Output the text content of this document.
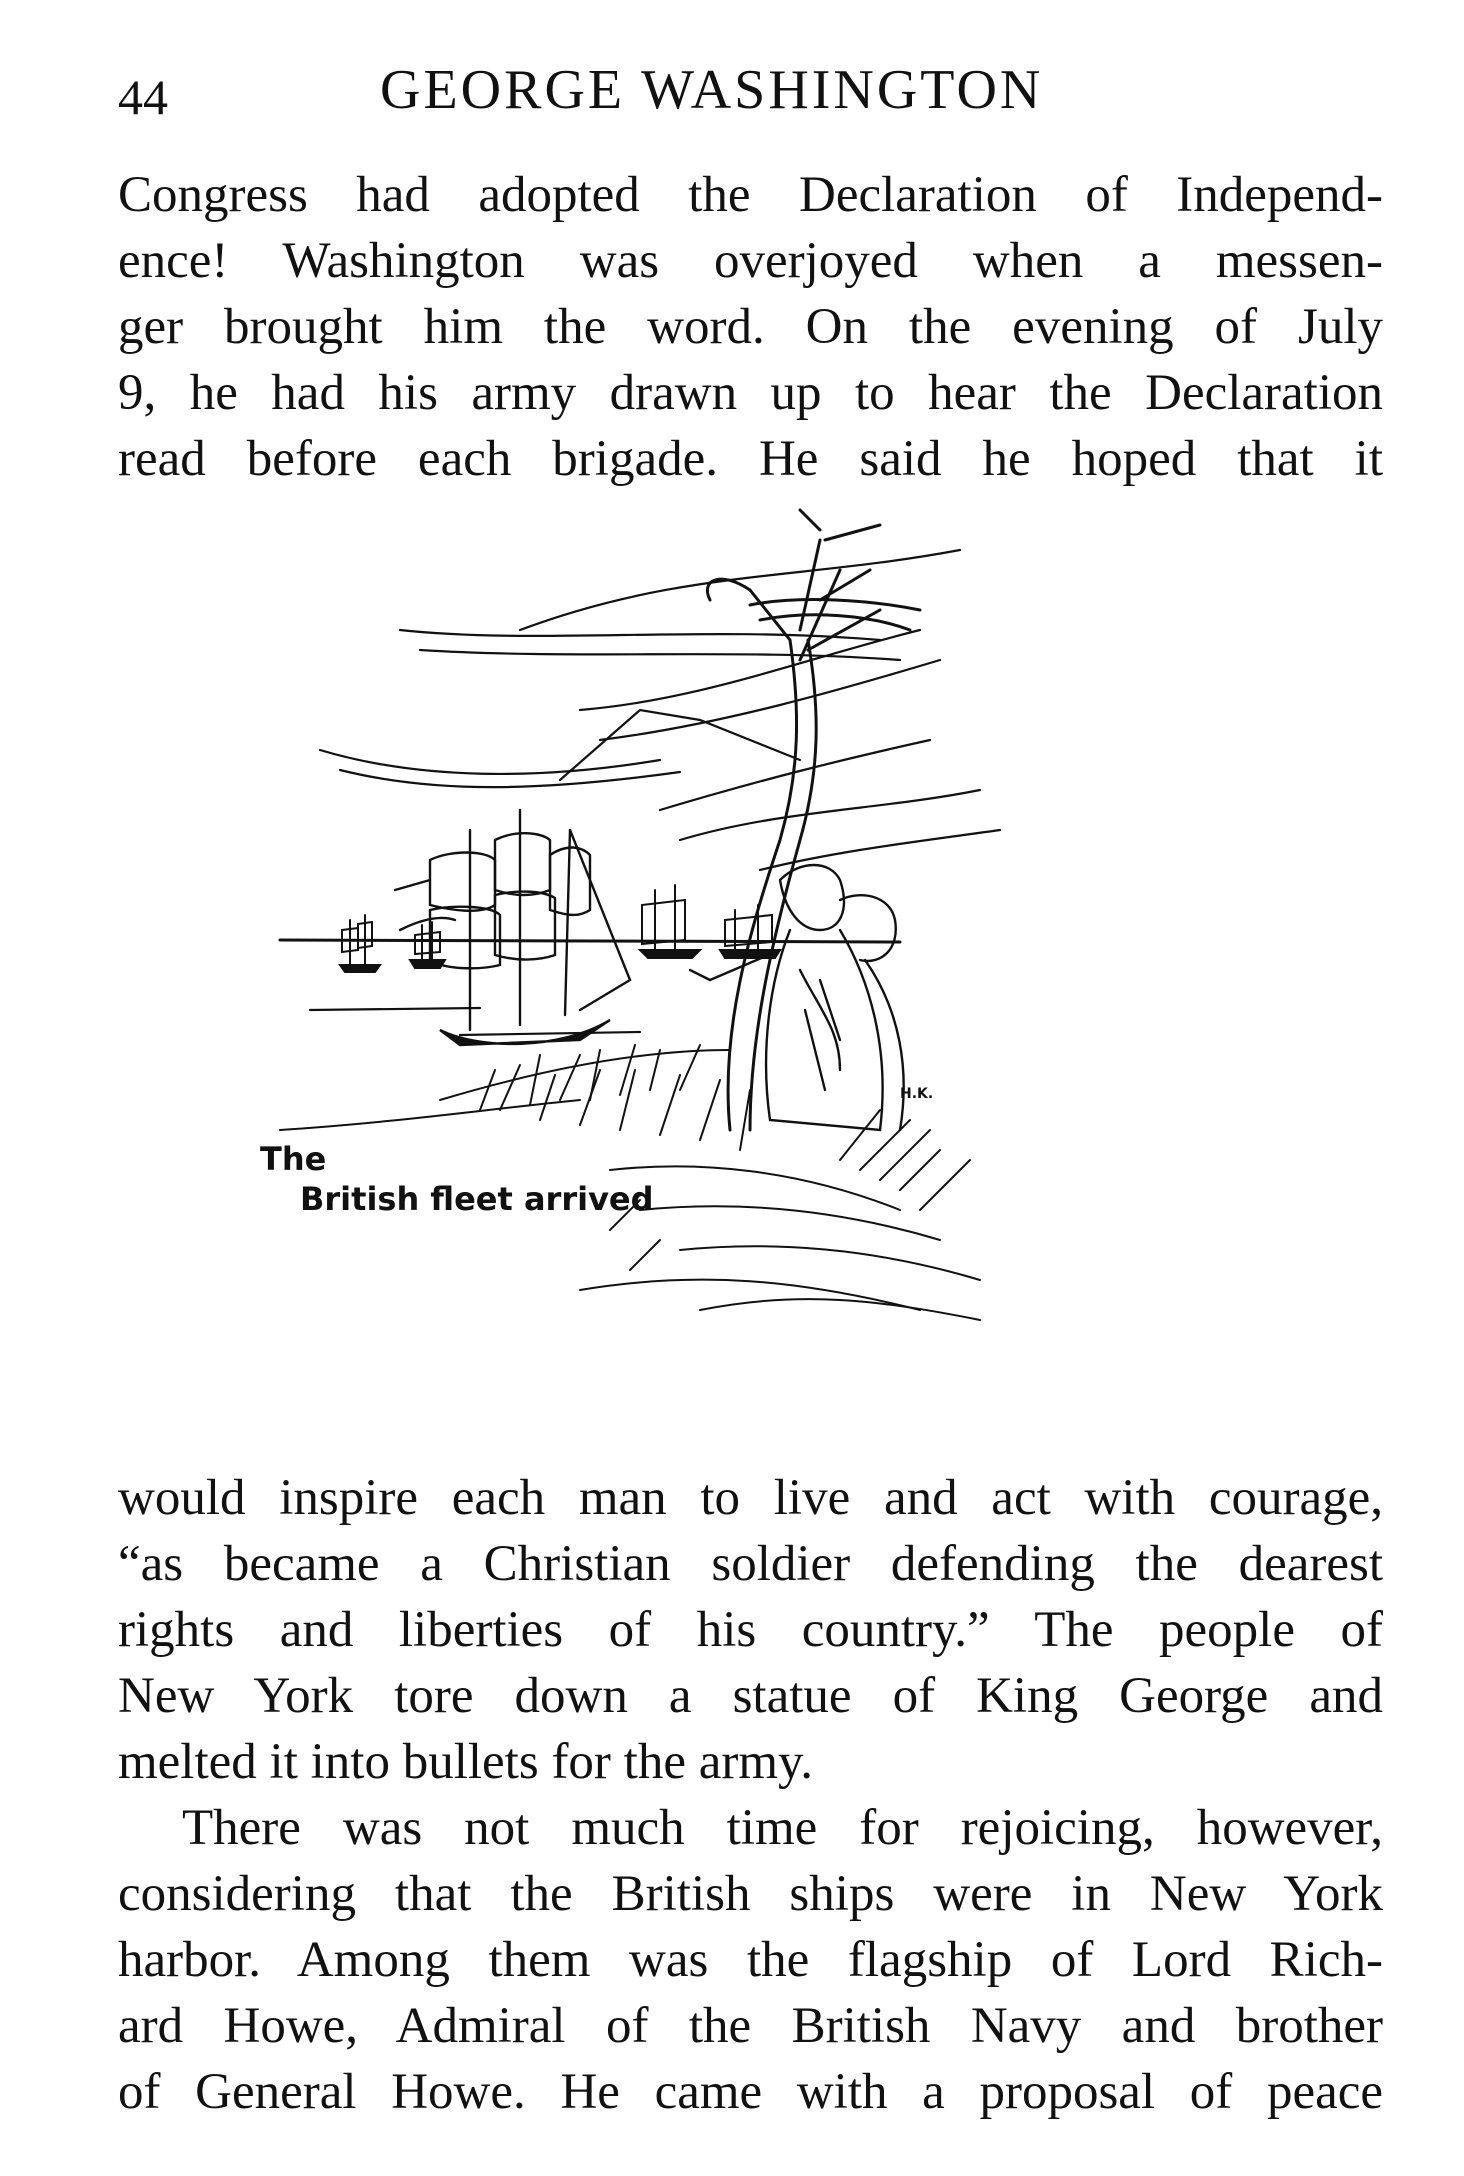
44	GEORGE WASHINGTON
Congress had adopted the Declaration of Independ-
ence! Washington was overjoyed when a messen-
ger brought him the word. On the evening of July
9, he had his army drawn up to hear the Declaration
read before each brigade. He said he hoped that it
H.K.
The
British fleet arrived
would inspire each man to live and act with courage,
“as became a Christian soldier defending the dearest
rights and liberties of his country.” The people of
New York tore down a statue of King George and
melted it into bullets for the army.
There was not much time for rejoicing, however,
considering that the British ships were in New York
harbor. Among them was the flagship of Lord Rich-
ard Howe, Admiral of the British Navy and brother
of General Howe. He came with a proposal of peace
